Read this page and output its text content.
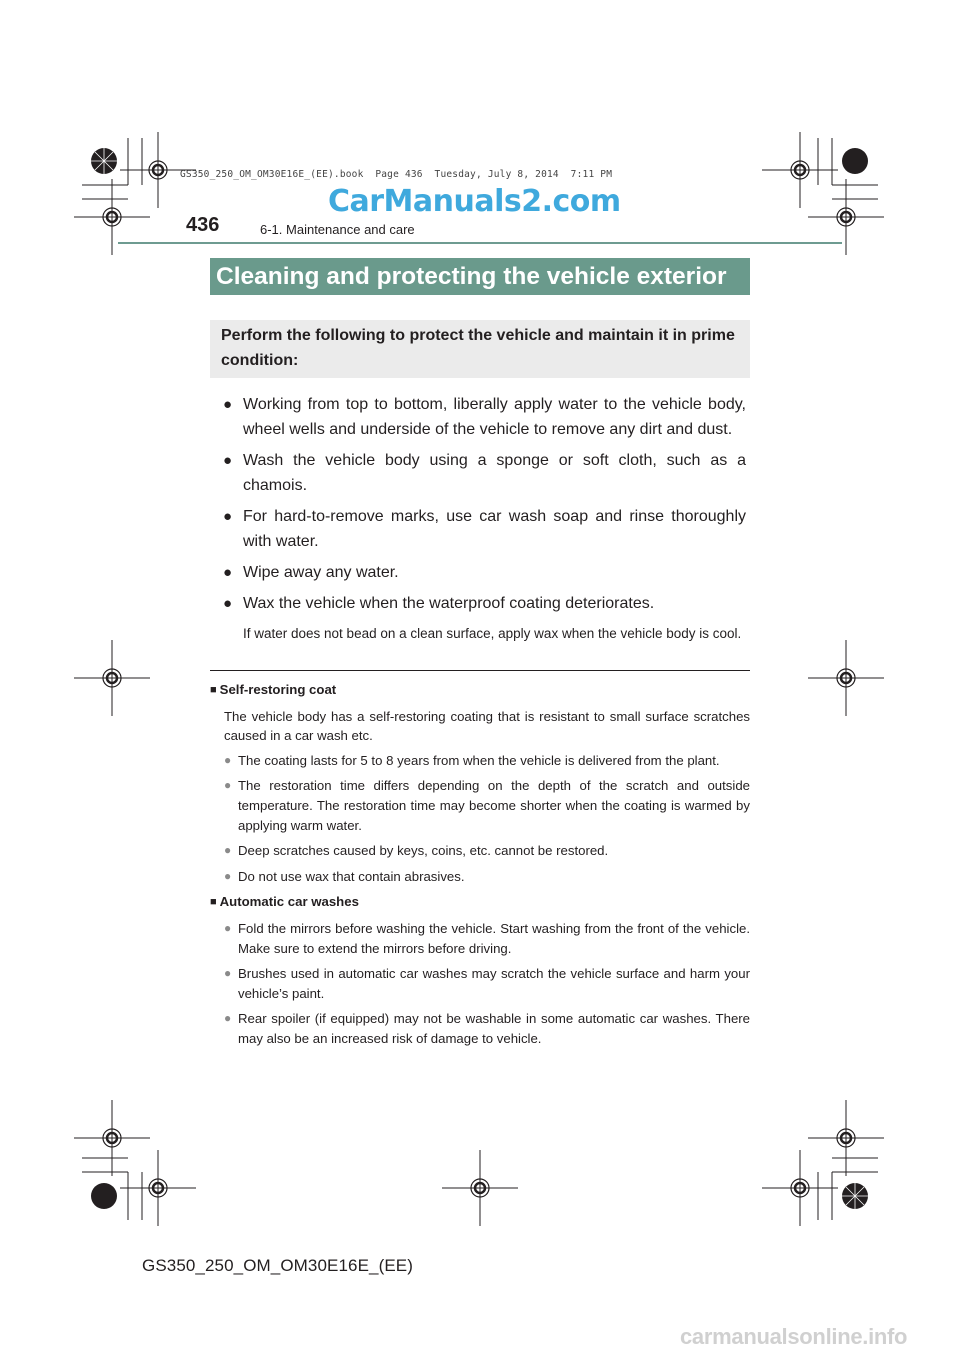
GS350_250_OM_OM30E16E_(EE).book  Page 436  Tuesday, July 8, 2014  7:11 PM
CarManuals2.com
436	6-1. Maintenance and care
Cleaning and protecting the vehicle exterior
Perform the following to protect the vehicle and maintain it in prime condition:
● Working from top to bottom, liberally apply water to the vehicle body, wheel wells and underside of the vehicle to remove any dirt and dust.
● Wash the vehicle body using a sponge or soft cloth, such as a chamois.
● For hard-to-remove marks, use car wash soap and rinse thoroughly with water.
● Wipe away any water.
● Wax the vehicle when the waterproof coating deteriorates.
If water does not bead on a clean surface, apply wax when the vehicle body is cool.
■ Self-restoring coat
The vehicle body has a self-restoring coating that is resistant to small surface scratches caused in a car wash etc.
● The coating lasts for 5 to 8 years from when the vehicle is delivered from the plant.
● The restoration time differs depending on the depth of the scratch and outside temperature. The restoration time may become shorter when the coating is warmed by applying warm water.
● Deep scratches caused by keys, coins, etc. cannot be restored.
● Do not use wax that contain abrasives.
■ Automatic car washes
● Fold the mirrors before washing the vehicle. Start washing from the front of the vehicle. Make sure to extend the mirrors before driving.
● Brushes used in automatic car washes may scratch the vehicle surface and harm your vehicle’s paint.
● Rear spoiler (if equipped) may not be washable in some automatic car washes. There may also be an increased risk of damage to vehicle.
GS350_250_OM_OM30E16E_(EE)
carmanualsonline.info
